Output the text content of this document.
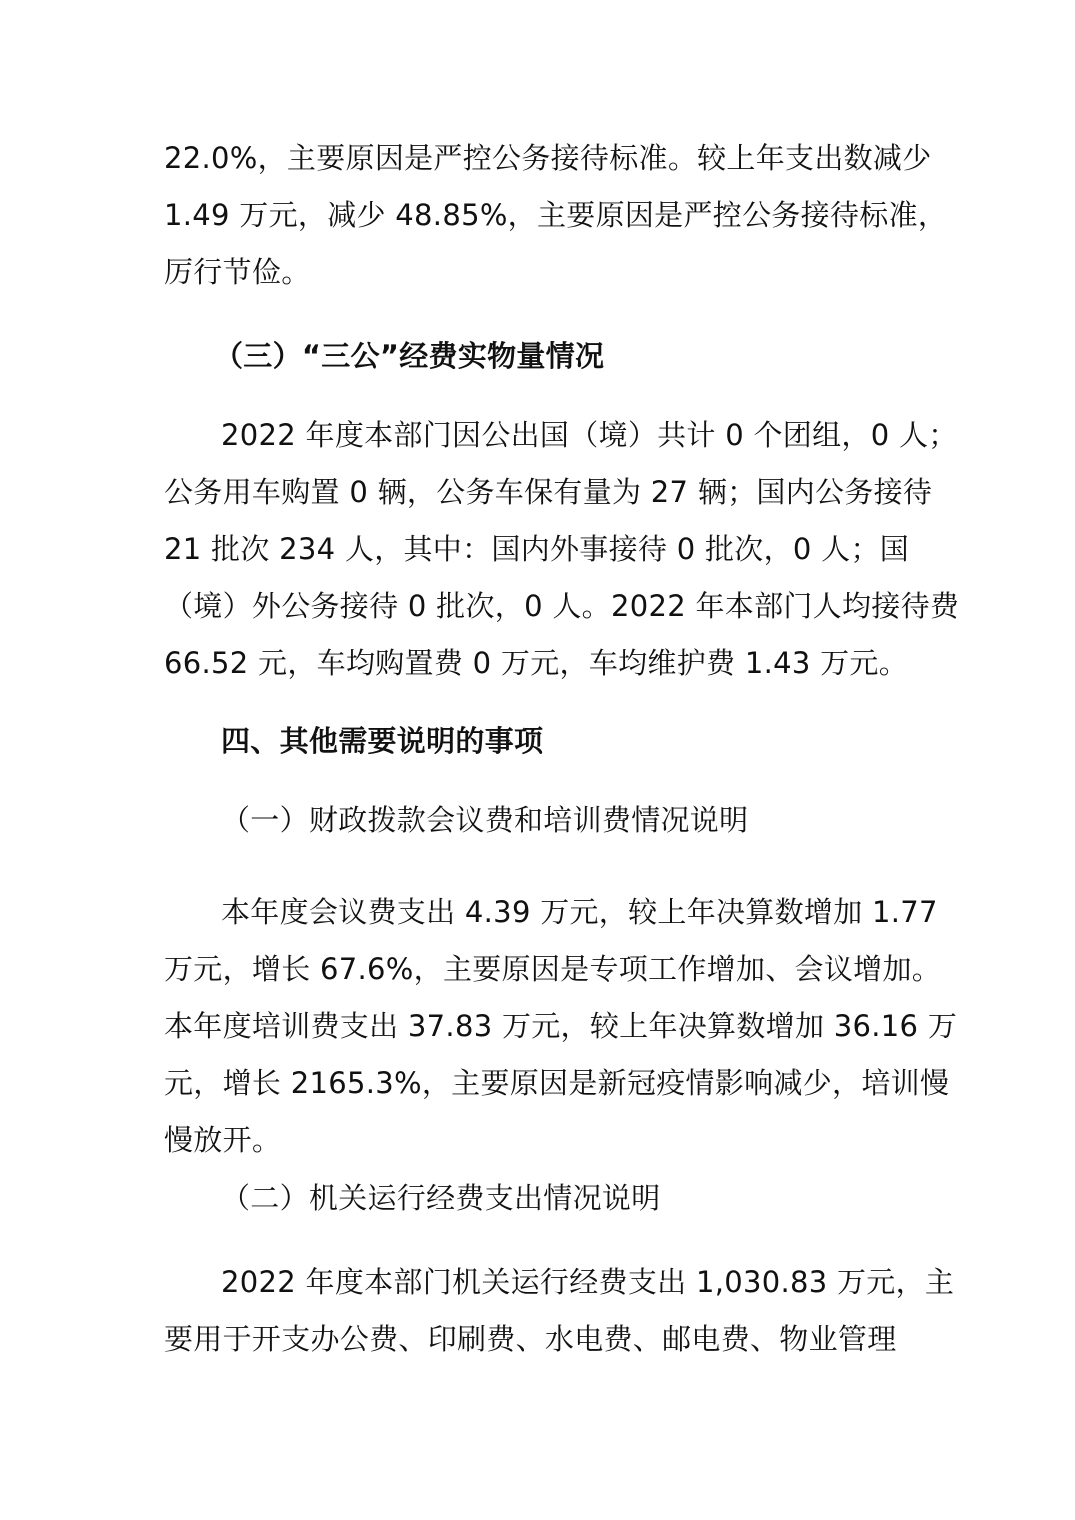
22.0%，主要原因是严控公务接待标准。较上年支出数减少
1.49 万元，减少 48.85%，主要原因是严控公务接待标准，
厉行节俭。
（三）“三公”经费实物量情况
2022 年度本部门因公出国（境）共计 0 个团组，0 人；
公务用车购置 0 辆，公务车保有量为 27 辆；国内公务接待
21 批次 234 人，其中：国内外事接待 0 批次，0 人；国
（境）外公务接待 0 批次，0 人。2022 年本部门人均接待费
66.52 元，车均购置费 0 万元，车均维护费 1.43 万元。
四、其他需要说明的事项
（一）财政拨款会议费和培训费情况说明
本年度会议费支出 4.39 万元，较上年决算数增加 1.77
万元，增长 67.6%，主要原因是专项工作增加、会议增加。
本年度培训费支出 37.83 万元，较上年决算数增加 36.16 万
元，增长 2165.3%，主要原因是新冠疫情影响减少，培训慢
慢放开。
（二）机关运行经费支出情况说明
2022 年度本部门机关运行经费支出 1,030.83 万元，主
要用于开支办公费、印刷费、水电费、邮电费、物业管理
